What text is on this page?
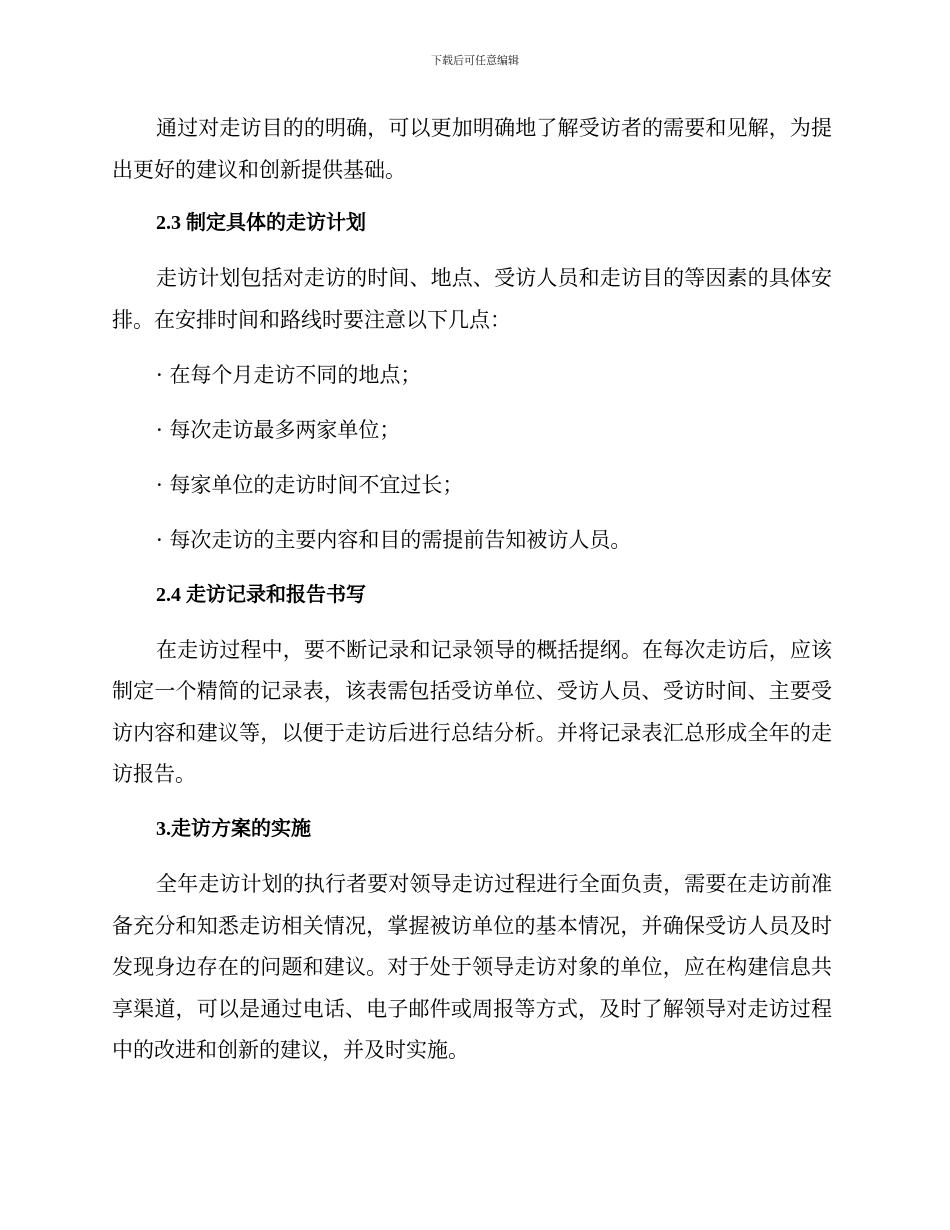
下载后可任意编辑

通过对走访目的的明确，可以更加明确地了解受访者的需要和见解，为提出更好的建议和创新提供基础。

2.3 制定具体的走访计划

走访计划包括对走访的时间、地点、受访人员和走访目的等因素的具体安排。在安排时间和路线时要注意以下几点：

· 在每个月走访不同的地点；

· 每次走访最多两家单位；

· 每家单位的走访时间不宜过长；

· 每次走访的主要内容和目的需提前告知被访人员。

2.4 走访记录和报告书写

在走访过程中，要不断记录和记录领导的概括提纲。在每次走访后，应该制定一个精简的记录表，该表需包括受访单位、受访人员、受访时间、主要受访内容和建议等，以便于走访后进行总结分析。并将记录表汇总形成全年的走访报告。

3.走访方案的实施

全年走访计划的执行者要对领导走访过程进行全面负责，需要在走访前准备充分和知悉走访相关情况，掌握被访单位的基本情况，并确保受访人员及时发现身边存在的问题和建议。对于处于领导走访对象的单位，应在构建信息共享渠道，可以是通过电话、电子邮件或周报等方式，及时了解领导对走访过程中的改进和创新的建议，并及时实施。
